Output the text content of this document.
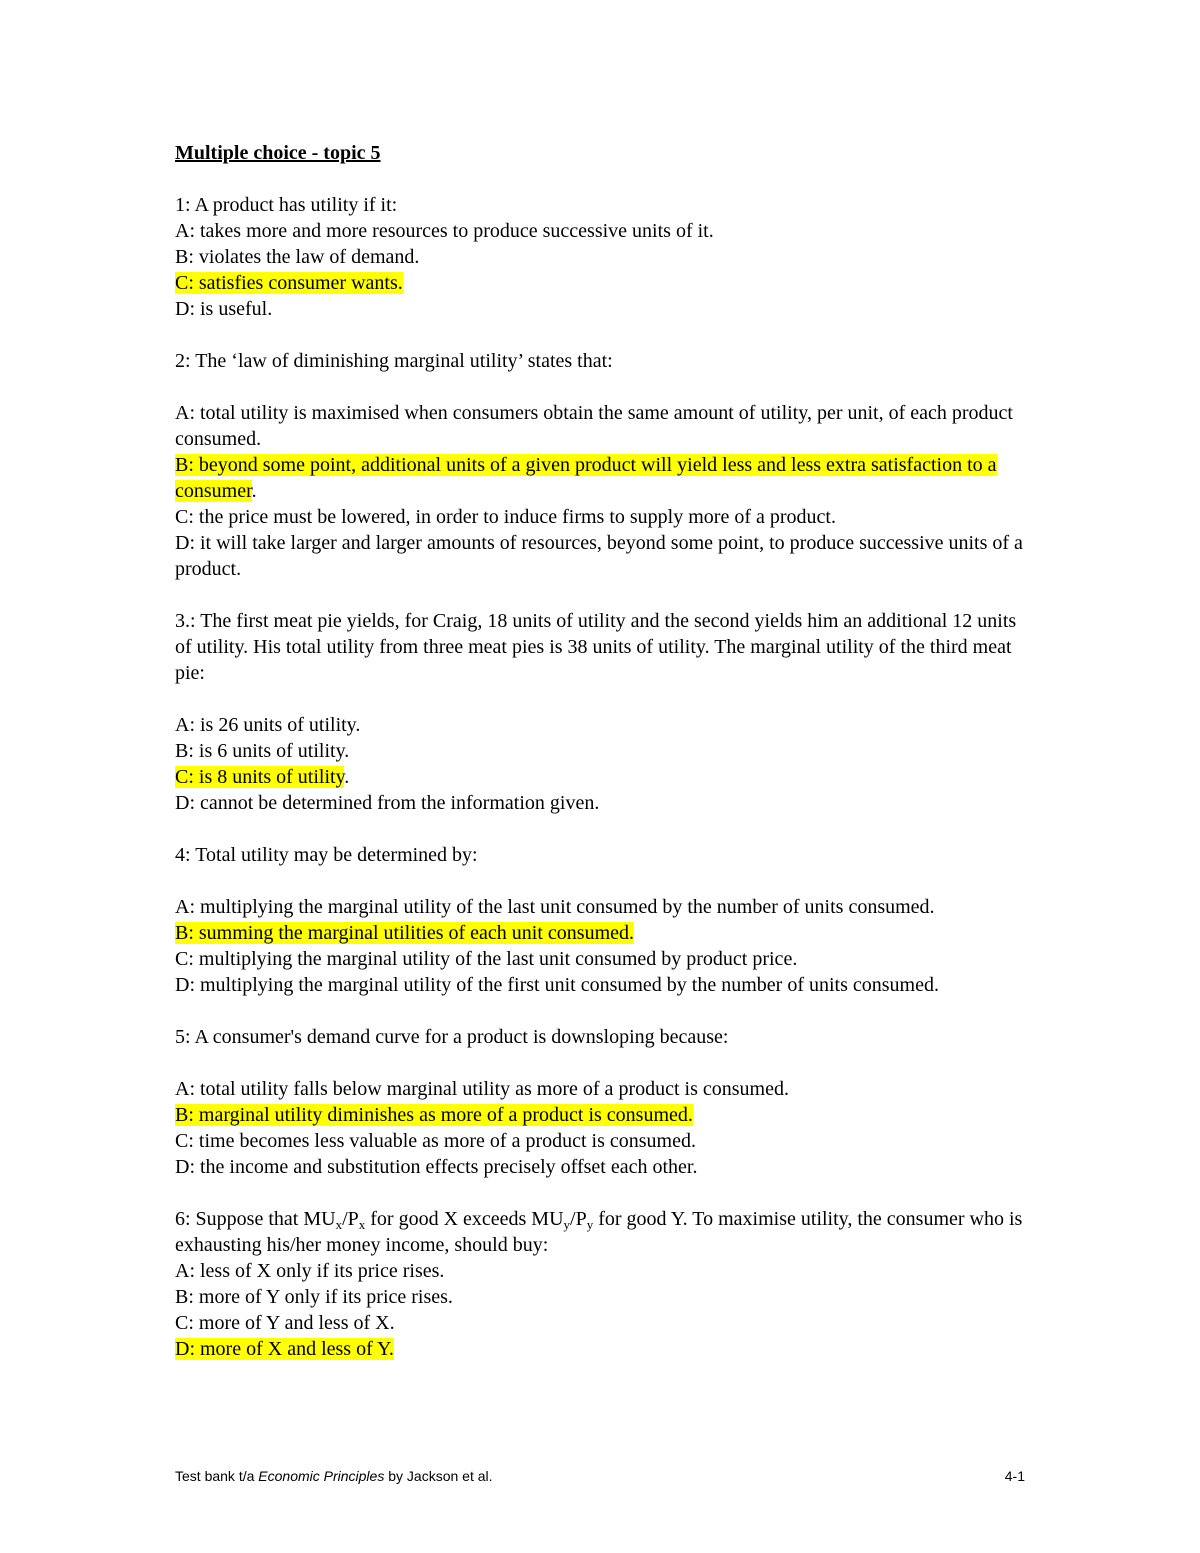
Multiple choice - topic 5

1: A product has utility if it:

A: takes more and more resources to produce successive units of it.

B: violates the law of demand.

C: satisfies consumer wants.

D: is useful.

2: The ‘law of diminishing marginal utility’ states that:

A: total utility is maximised when consumers obtain the same amount of utility, per unit, of each product consumed.

B: beyond some point, additional units of a given product will yield less and less extra satisfaction to a consumer.

C: the price must be lowered, in order to induce firms to supply more of a product.

D: it will take larger and larger amounts of resources, beyond some point, to produce successive units of a product.

3.: The first meat pie yields, for Craig, 18 units of utility and the second yields him an additional 12 units of utility. His total utility from three meat pies is 38 units of utility. The marginal utility of the third meat pie:

A: is 26 units of utility.

B: is 6 units of utility.

C: is 8 units of utility.

D: cannot be determined from the information given.

4: Total utility may be determined by:

A: multiplying the marginal utility of the last unit consumed by the number of units consumed.

B: summing the marginal utilities of each unit consumed.

C: multiplying the marginal utility of the last unit consumed by product price.

D: multiplying the marginal utility of the first unit consumed by the number of units consumed.

5: A consumer's demand curve for a product is downsloping because:

A: total utility falls below marginal utility as more of a product is consumed.

B: marginal utility diminishes as more of a product is consumed.

C: time becomes less valuable as more of a product is consumed.

D: the income and substitution effects precisely offset each other.

6: Suppose that $MU_x/P_x$ for good X exceeds $MU_y/P_y$ for good Y. To maximise utility, the consumer who is exhausting his/her money income, should buy:

A: less of X only if its price rises.

B: more of Y only if its price rises.

C: more of Y and less of X.

D: more of X and less of Y.

Test bank t/a Economic Principles by Jackson et al.	4-1
